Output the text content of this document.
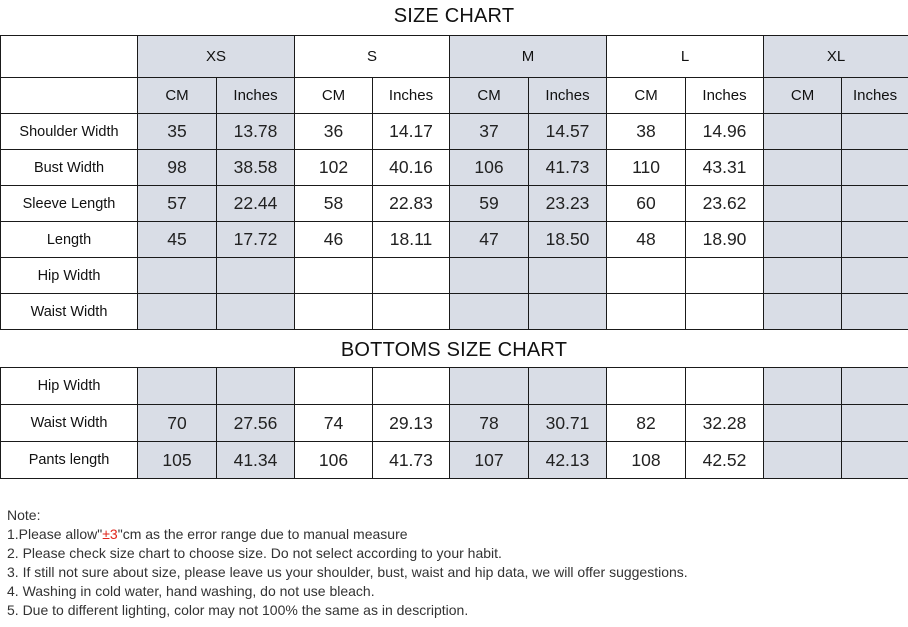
SIZE CHART
	XS		S		M		L		XL	
	CM	Inches	CM	Inches	CM	Inches	CM	Inches	CM	Inches
Shoulder Width	35	13.78	36	14.17	37	14.57	38	14.96		
Bust Width	98	38.58	102	40.16	106	41.73	110	43.31		
Sleeve Length	57	22.44	58	22.83	59	23.23	60	23.62		
Length	45	17.72	46	18.11	47	18.50	48	18.90		
Hip Width										
Waist Width										
BOTTOMS SIZE CHART
Hip Width										
Waist Width	70	27.56	74	29.13	78	30.71	82	32.28		
Pants length	105	41.34	106	41.73	107	42.13	108	42.52		
Note:
1.Please allow"±3"cm as the error range due to manual measure
2. Please check size chart to choose size. Do not select according to your habit.
3. If still not sure about size, please leave us your shoulder, bust, waist and hip data, we will offer suggestions.
4. Washing in cold water, hand washing, do not use bleach.
5. Due to different lighting, color may not 100% the same as in description.
